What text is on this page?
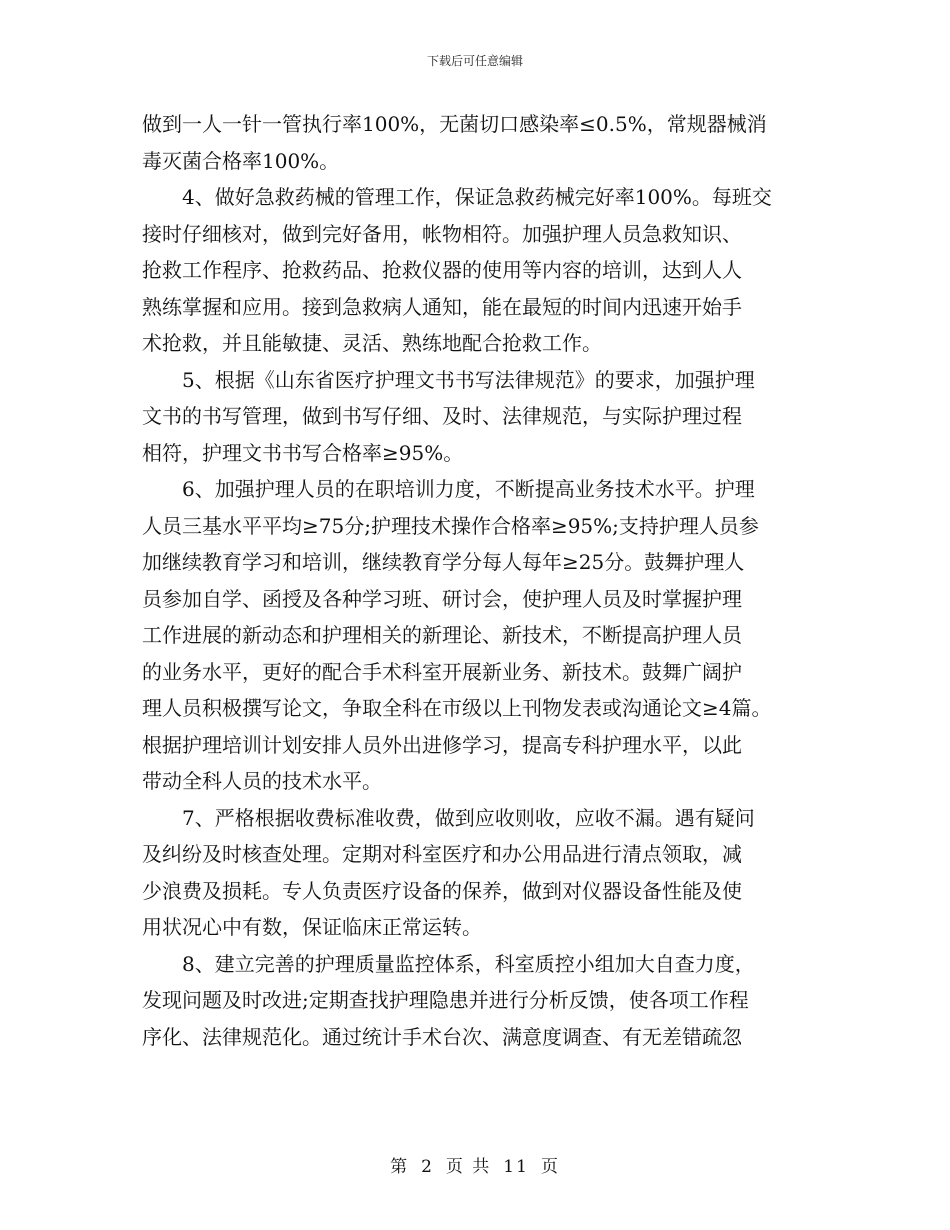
下载后可任意编辑
做到一人一针一管执行率100%，无菌切口感染率≤0.5%，常规器械消
毒灭菌合格率100%。
4、做好急救药械的管理工作，保证急救药械完好率100%。每班交
接时仔细核对，做到完好备用，帐物相符。加强护理人员急救知识、
抢救工作程序、抢救药品、抢救仪器的使用等内容的培训，达到人人
熟练掌握和应用。接到急救病人通知，能在最短的时间内迅速开始手
术抢救，并且能敏捷、灵活、熟练地配合抢救工作。
5、根据《山东省医疗护理文书书写法律规范》的要求，加强护理
文书的书写管理，做到书写仔细、及时、法律规范，与实际护理过程
相符，护理文书书写合格率≥95%。
6、加强护理人员的在职培训力度，不断提高业务技术水平。护理
人员三基水平平均≥75分;护理技术操作合格率≥95%;支持护理人员参
加继续教育学习和培训，继续教育学分每人每年≥25分。鼓舞护理人
员参加自学、函授及各种学习班、研讨会，使护理人员及时掌握护理
工作进展的新动态和护理相关的新理论、新技术，不断提高护理人员
的业务水平，更好的配合手术科室开展新业务、新技术。鼓舞广阔护
理人员积极撰写论文，争取全科在市级以上刊物发表或沟通论文≥4篇。
根据护理培训计划安排人员外出进修学习，提高专科护理水平，以此
带动全科人员的技术水平。
7、严格根据收费标准收费，做到应收则收，应收不漏。遇有疑问
及纠纷及时核查处理。定期对科室医疗和办公用品进行清点领取，减
少浪费及损耗。专人负责医疗设备的保养，做到对仪器设备性能及使
用状况心中有数，保证临床正常运转。
8、建立完善的护理质量监控体系，科室质控小组加大自查力度，
发现问题及时改进;定期查找护理隐患并进行分析反馈，使各项工作程
序化、法律规范化。通过统计手术台次、满意度调查、有无差错疏忽
第 2 页 共 11 页
